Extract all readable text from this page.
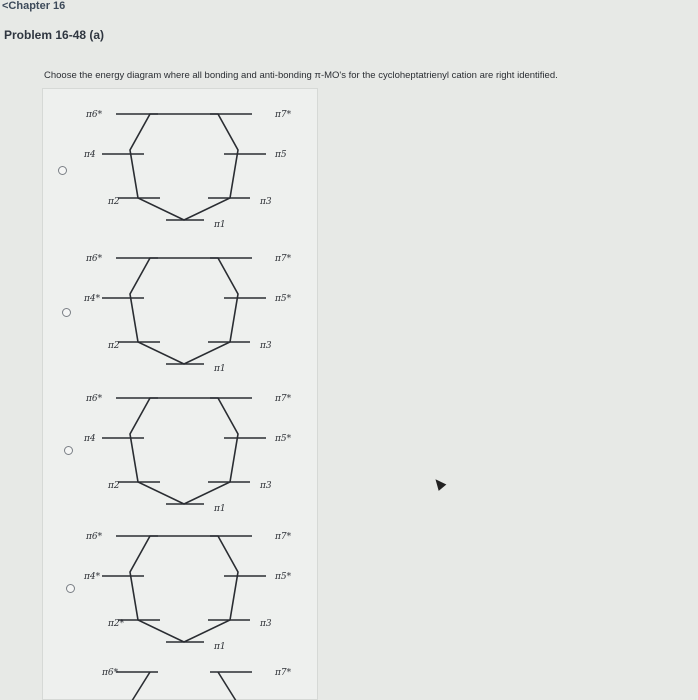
<Chapter 16
Problem 16-48 (a)
Choose the energy diagram where all bonding and anti-bonding π-MO's for the cycloheptatrienyl cation are right identified.
π6*	π7*
π4	π5
π2	π3
π1
π6*	π7*
π4*	π5*
π2	π3
π1
π6*	π7*
π4	π5*
π2	π3
π1
π6*	π7*
π4*	π5*
π2*	π3
π1
π6*	π7*
